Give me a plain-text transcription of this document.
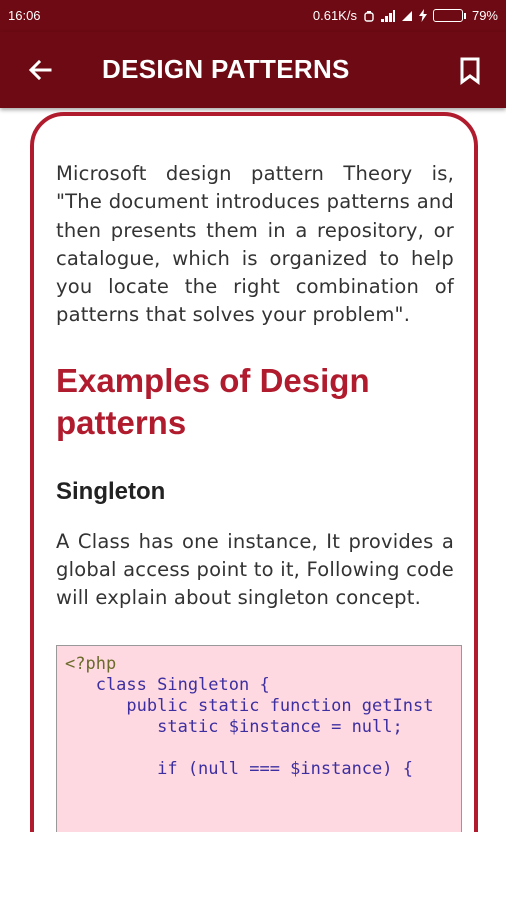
16:06	0.61K/s	79%
DESIGN PATTERNS

Microsoft design pattern Theory is, "The document introduces patterns and then presents them in a repository, or catalogue, which is organized to help you locate the right combination of patterns that solves your problem".

Examples of Design patterns
Singleton

A Class has one instance, It provides a global access point to it, Following code will explain about singleton concept.

<?php
class Singleton {
public static function getInst
static $instance = null;

if (null === $instance) {
